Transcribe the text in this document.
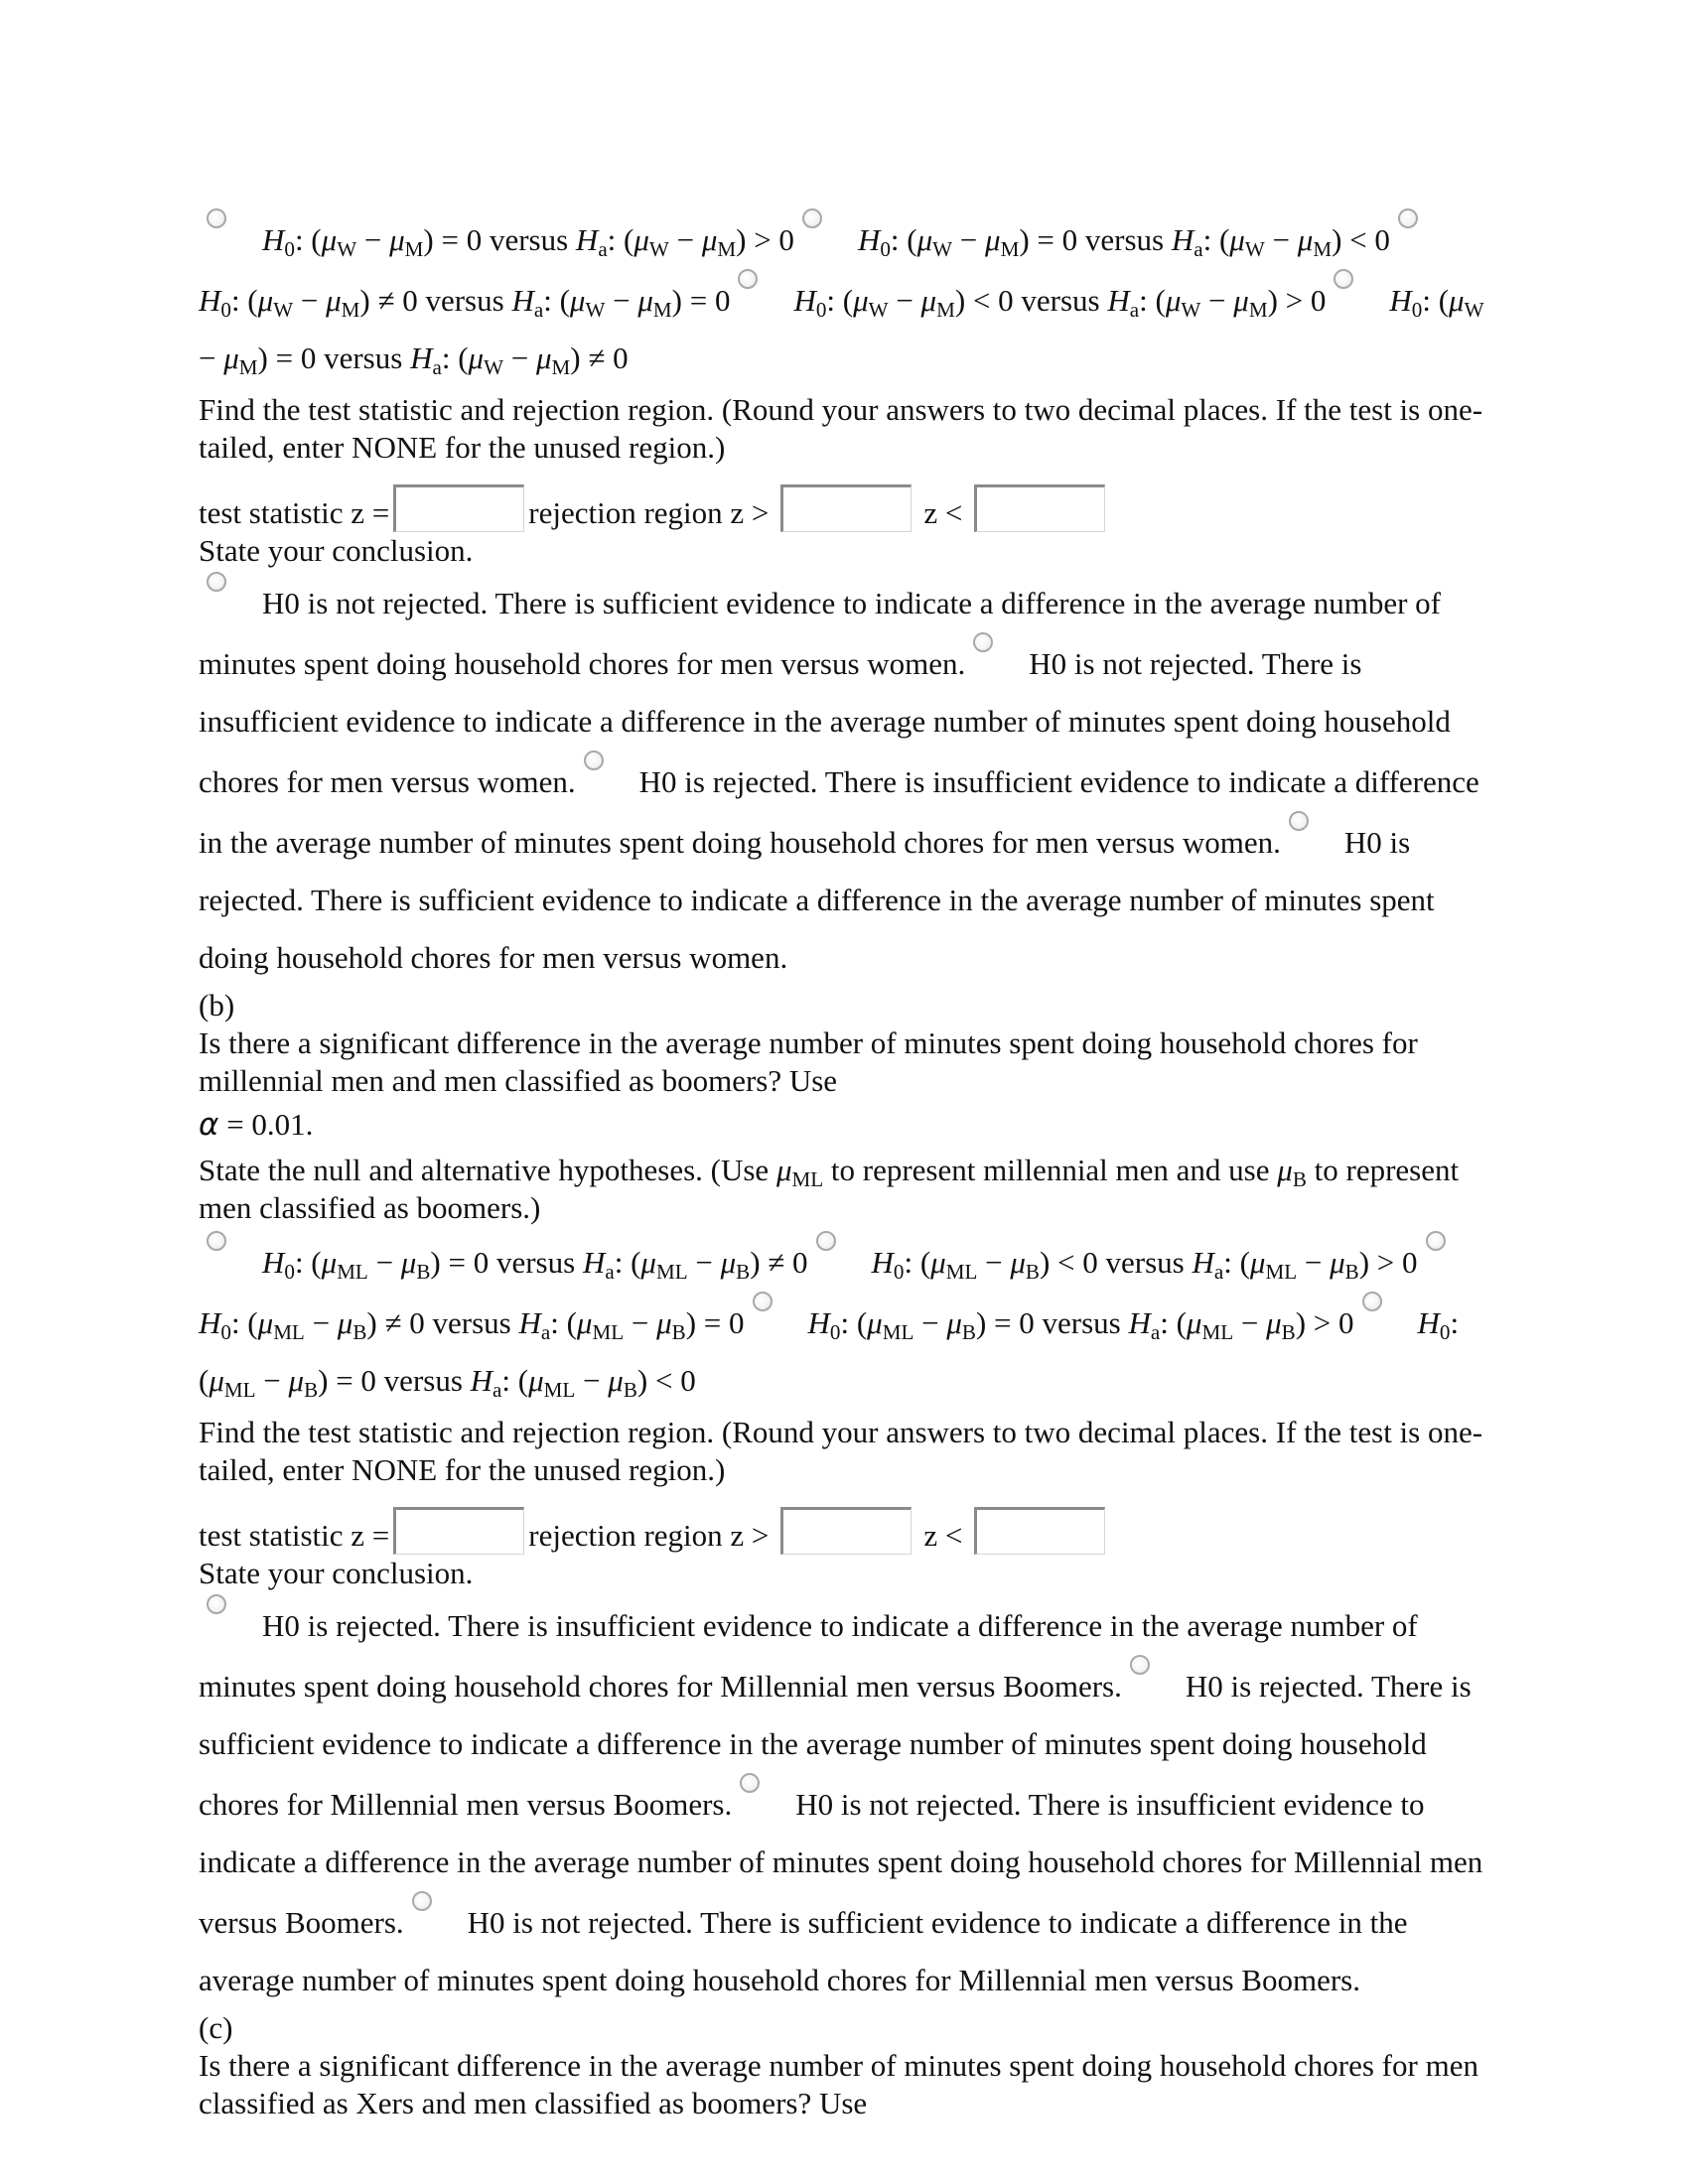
$H_0$: $(\mu_W - \mu_M) = 0$ versus $H_a$: $(\mu_W - \mu_M) > 0$ $H_0$: $(\mu_W - \mu_M) = 0$ versus $H_a$: $(\mu_W - \mu_M) < 0H_0$: $(\mu_W - \mu_M) \ne 0$ versus $H_a$: $(\mu_W - \mu_M) = 0$ $H_0$: $(\mu_W - \mu_M) < 0$ versus $H_a$: $(\mu_W - \mu_M) > 0$ $H_0$: $(\mu_W - \mu_M) = 0$ versus $H_a$: $(\mu_W - \mu_M) \ne 0$
Find the test statistic and rejection region. (Round your answers to two decimal places. If the test is one-tailed, enter NONE for the unused region.)
test statistic z =	rejection region z >	z <
State your conclusion.
H0 is not rejected. There is sufficient evidence to indicate a difference in the average number of minutes spent doing household chores for men versus women. H0 is not rejected. There is insufficient evidence to indicate a difference in the average number of minutes spent doing household chores for men versus women. H0 is rejected. There is insufficient evidence to indicate a difference in the average number of minutes spent doing household chores for men versus women. H0 is rejected. There is sufficient evidence to indicate a difference in the average number of minutes spent doing household chores for men versus women.
(b)
Is there a significant difference in the average number of minutes spent doing household chores for millennial men and men classified as boomers? Use
α = 0.01.
State the null and alternative hypotheses. (Use $\mu_{ML}$ to represent millennial men and use $\mu_B$ to represent men classified as boomers.)
$H_0$: $(\mu_{ML} - \mu_B) = 0$ versus $H_a$: $(\mu_{ML} - \mu_B) \ne 0$ $H_0$: $(\mu_{ML} - \mu_B) < 0$ versus $H_a$: $(\mu_{ML} - \mu_B) > 0H_0$: $(\mu_{ML} - \mu_B) \ne 0$ versus $H_a$: $(\mu_{ML} - \mu_B) = 0$ $H_0$: $(\mu_{ML} - \mu_B) = 0$ versus $H_a$: $(\mu_{ML} - \mu_B) > 0$ $H_0$: $(\mu_{ML} - \mu_B) = 0$ versus $H_a$: $(\mu_{ML} - \mu_B) < 0$
Find the test statistic and rejection region. (Round your answers to two decimal places. If the test is one-tailed, enter NONE for the unused region.)
test statistic z =	rejection region z >	z <
State your conclusion.
H0 is rejected. There is insufficient evidence to indicate a difference in the average number of minutes spent doing household chores for Millennial men versus Boomers. H0 is rejected. There is sufficient evidence to indicate a difference in the average number of minutes spent doing household chores for Millennial men versus Boomers. H0 is not rejected. There is insufficient evidence to indicate a difference in the average number of minutes spent doing household chores for Millennial men versus Boomers. H0 is not rejected. There is sufficient evidence to indicate a difference in the average number of minutes spent doing household chores for Millennial men versus Boomers.
(c)
Is there a significant difference in the average number of minutes spent doing household chores for men classified as Xers and men classified as boomers? Use
